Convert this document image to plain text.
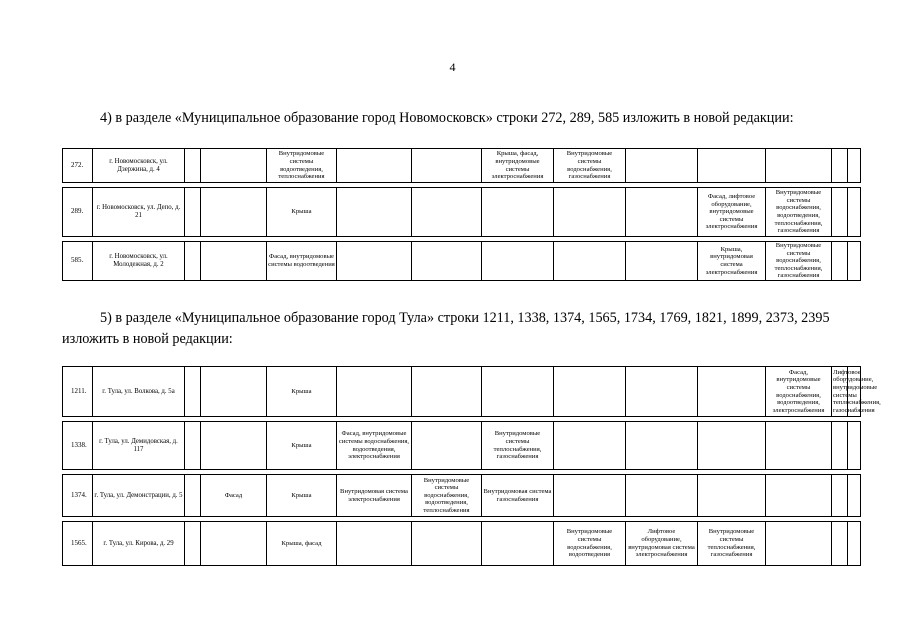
4
4) в разделе «Муниципальное образование город Новомосковск» строки 272, 289, 585 изложить в новой редакции:
272.	г. Новомосковск, ул. Дзержина, д. 4			Внутридомовые системы водоотведения, теплоснабжения			Крыша, фасад, внутридомовые системы электроснабжения	Внутридомовые системы водоснабжения, газоснабжения					

289.	г. Новомосковск, ул. Депо, д. 21			Крыша						Фасад, лифтовое оборудование, внутридомовые системы электроснабжения	Внутридомовые системы водоснабжения, водоотведения, теплоснабжения, газоснабжения		

585.	г. Новомосковск, ул. Молодежная, д. 2			Фасад, внутридомовые системы водоотведения						Крыша, внутридомовая система электроснабжения	Внутридомовые системы водоснабжения, теплоснабжения, газоснабжения		
5) в разделе «Муниципальное образование город Тула» строки 1211, 1338, 1374, 1565, 1734, 1769, 1821, 1899, 2373, 2395 изложить в новой редакции:
1211.	г. Тула, ул. Волкова, д. 5а			Крыша							Фасад, внутридомовые системы водоснабжения, водоотведения, электроснабжения	Лифтовое оборудование, внутридомовые системы теплоснабжения, газоснабжения	

1338.	г. Тула, ул. Демидовская, д. 117			Крыша	Фасад, внутридомовые системы водоснабжения, водоотведения, электроснабжения		Внутридомовые системы теплоснабжения, газоснабжения						

1374.	г. Тула, ул. Демонстрации, д. 5		Фасад	Крыша	Внутридомовая система электроснабжения	Внутридомовые системы водоснабжения, водоотведения, теплоснабжения	Внутридомовая система газоснабжения						

1565.	г. Тула, ул. Кирова, д. 29			Крыша, фасад				Внутридомовые системы водоснабжения, водоотведения	Лифтовое оборудование, внутридомовая система электроснабжения	Внутридомовые системы теплоснабжения, газоснабжения			
